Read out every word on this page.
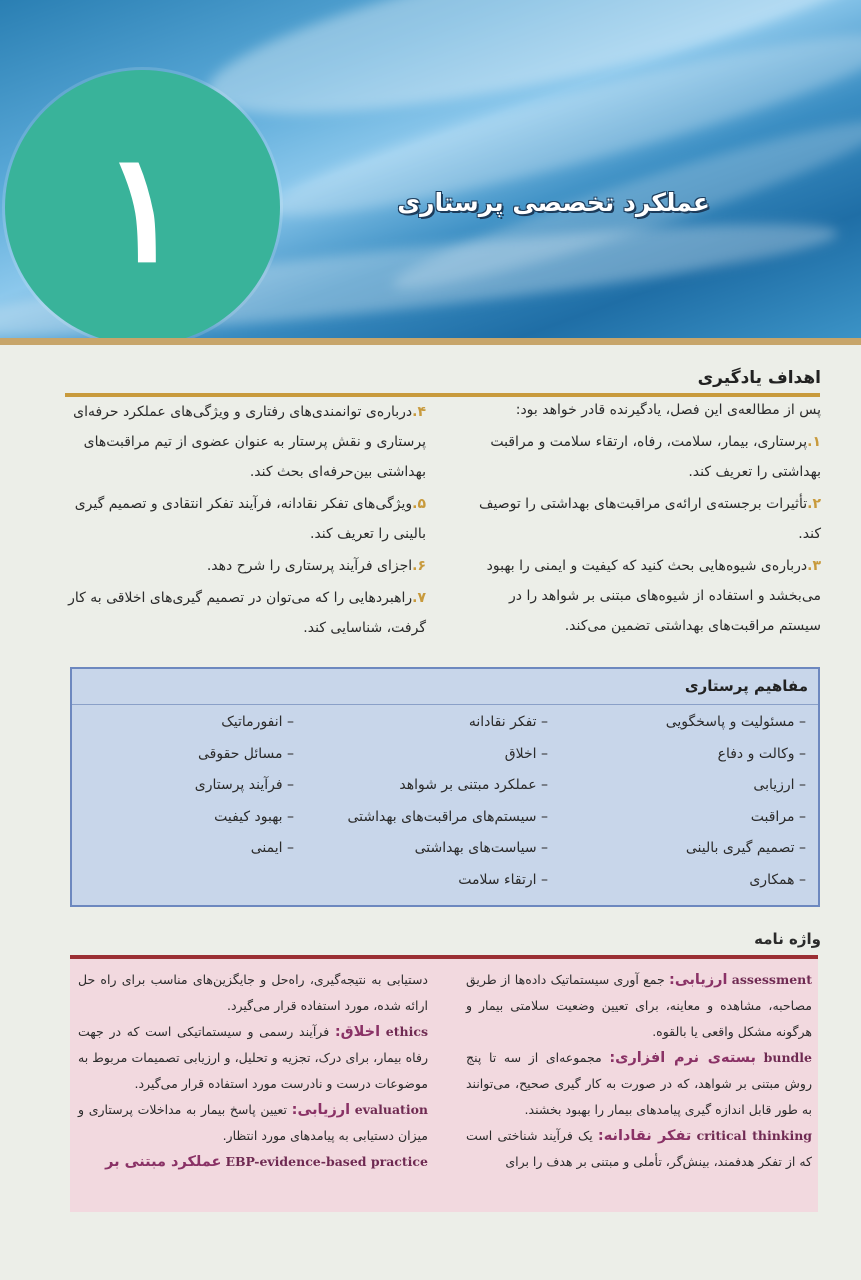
۱	عملکرد تخصصی پرستاری
اهداف یادگیری
پس از مطالعه‌ی این فصل، یادگیرنده قادر خواهد بود:

۱.پرستاری، بیمار، سلامت، رفاه، ارتقاء سلامت و مراقبت بهداشتی را تعریف کند.

۲.تأثیرات برجسته‌ی ارائه‌ی مراقبت‌های بهداشتی را توصیف کند.

۳.درباره‌ی شیوه‌هایی بحث کنید که کیفیت و ایمنی را بهبود می‌بخشد و استفاده از شیوه‌های مبتنی بر شواهد را در سیستم مراقبت‌های بهداشتی تضمین می‌کند.

۴.درباره‌ی توانمندی‌های رفتاری و ویژگی‌های عملکرد حرفه‌ای پرستاری و نقش پرستار به عنوان عضوی از تیم مراقبت‌های بهداشتی بین‌حرفه‌ای بحث کند.

۵.ویژگی‌های تفکر نقادانه، فرآیند تفکر انتقادی و تصمیم گیری بالینی را تعریف کند.

۶.اجزای فرآیند پرستاری را شرح دهد.

۷.راهبردهایی را که می‌توان در تصمیم گیری‌های اخلاقی به کار گرفت، شناسایی کند.

مفاهیم پرستاری
– مسئولیت و پاسخگویی
– وکالت و دفاع
– ارزیابی
– مراقبت
– تصمیم گیری بالینی
– همکاری
– تفکر نقادانه
– اخلاق
– عملکرد مبتنی بر شواهد
– سیستم‌های مراقبت‌های بهداشتی
– سیاست‌های بهداشتی
– ارتقاء سلامت
– انفورماتیک
– مسائل حقوقی
– فرآیند پرستاری
– بهبود کیفیت
– ایمنی
واژه نامه

assessment ارزیابی: جمع آوری سیستماتیک داده‌ها از طریق مصاحبه، مشاهده و معاینه، برای تعیین وضعیت سلامتی بیمار و هرگونه مشکل واقعی یا بالقوه.

bundle بسته‌ی نرم افزاری: مجموعه‌ای از سه تا پنج روش مبتنی بر شواهد، که در صورت به کار گیری صحیح، می‌توانند به طور قابل اندازه گیری پیامدهای بیمار را بهبود بخشند.

critical thinking تفکر نقادانه: یک فرآیند شناختی است که از تفکر هدفمند، بینش‌گر، تأملی و مبتنی بر هدف را برای

دستیابی به نتیجه‌گیری، راه‌حل و جایگزین‌های مناسب برای راه حل ارائه شده، مورد استفاده قرار می‌گیرد.

ethics اخلاق: فرآیند رسمی و سیستماتیکی است که در جهت رفاه بیمار، برای درک، تجزیه و تحلیل، و ارزیابی تصمیمات مربوط به موضوعات درست و نادرست مورد استفاده قرار می‌گیرد.

evaluation ارزیابی: تعیین پاسخ بیمار به مداخلات پرستاری و میزان دستیابی به پیامدهای مورد انتظار.

EBP-evidence-based practice عملکرد مبتنی بر
